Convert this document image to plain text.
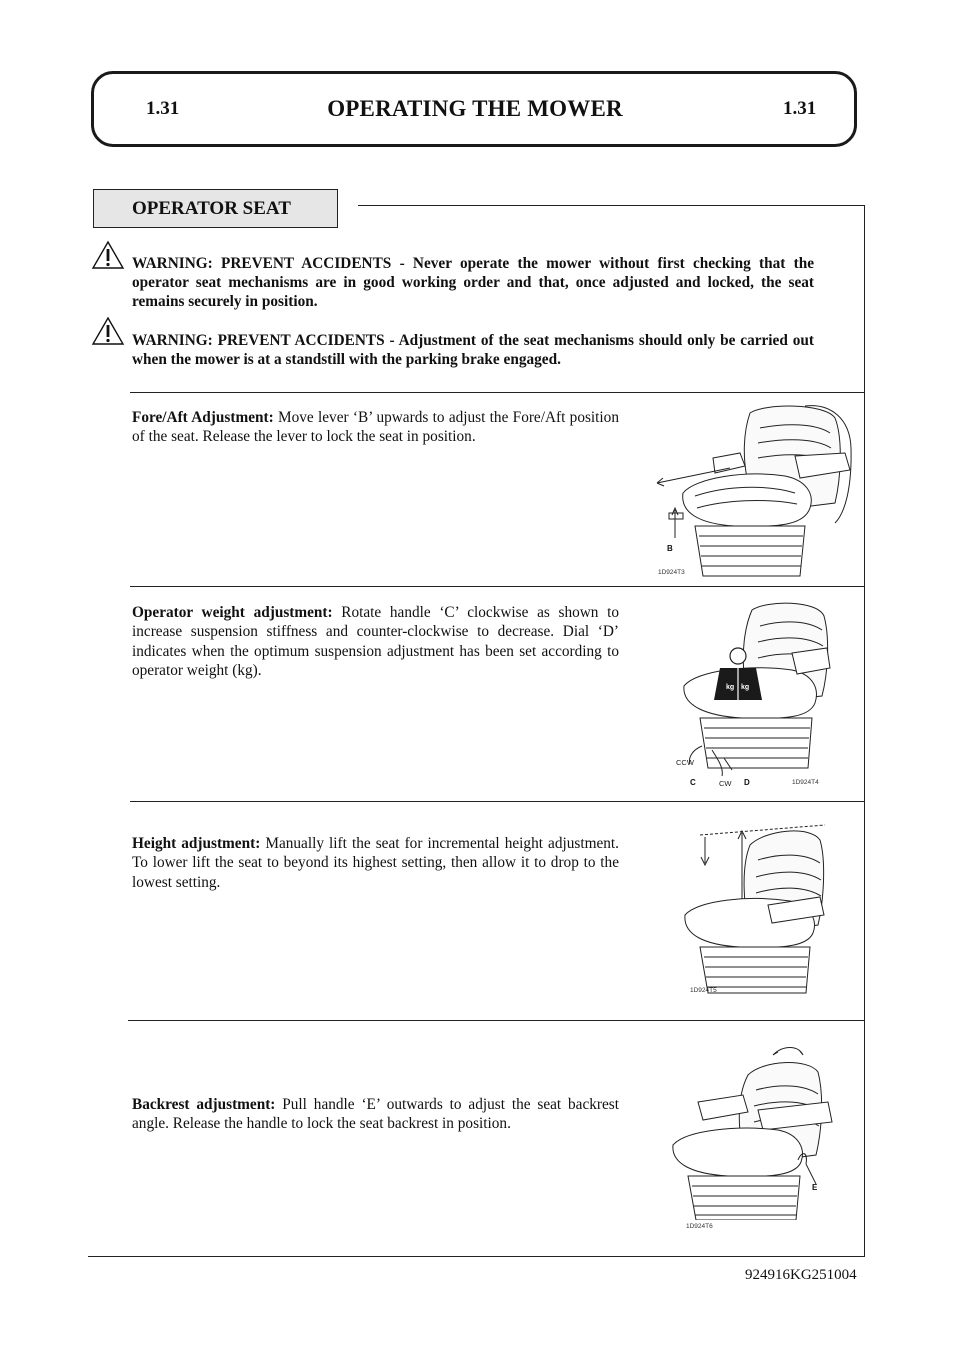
1.31	OPERATING THE MOWER	1.31
OPERATOR SEAT
WARNING: PREVENT ACCIDENTS - Never operate the mower without first checking that the operator seat mechanisms are in good working order and that, once adjusted and locked, the seat remains securely in position.
WARNING: PREVENT ACCIDENTS - Adjustment of the seat mechanisms should only be carried out when the mower is at a standstill with the parking brake engaged.
Fore/Aft Adjustment: Move lever ‘B’ upwards to adjust the Fore/Aft position of the seat. Release the lever to lock the seat in position.
B
1D924T3
Operator weight adjustment: Rotate handle ‘C’ clockwise as shown to increase suspension stiffness and counter-clockwise to decrease. Dial ‘D’ indicates when the optimum suspension adjustment has been set according to operator weight (kg).
kg kg
CCW
C	CW D	1D924T4
Height adjustment: Manually lift the seat for incremental height adjustment. To lower lift the seat to beyond its highest setting, then allow it to drop to the lowest setting.
1D924T5
Backrest adjustment: Pull handle ‘E’ outwards to adjust the seat backrest angle. Release the handle to lock the seat backrest in position.
E
1D924T6
924916KG251004
